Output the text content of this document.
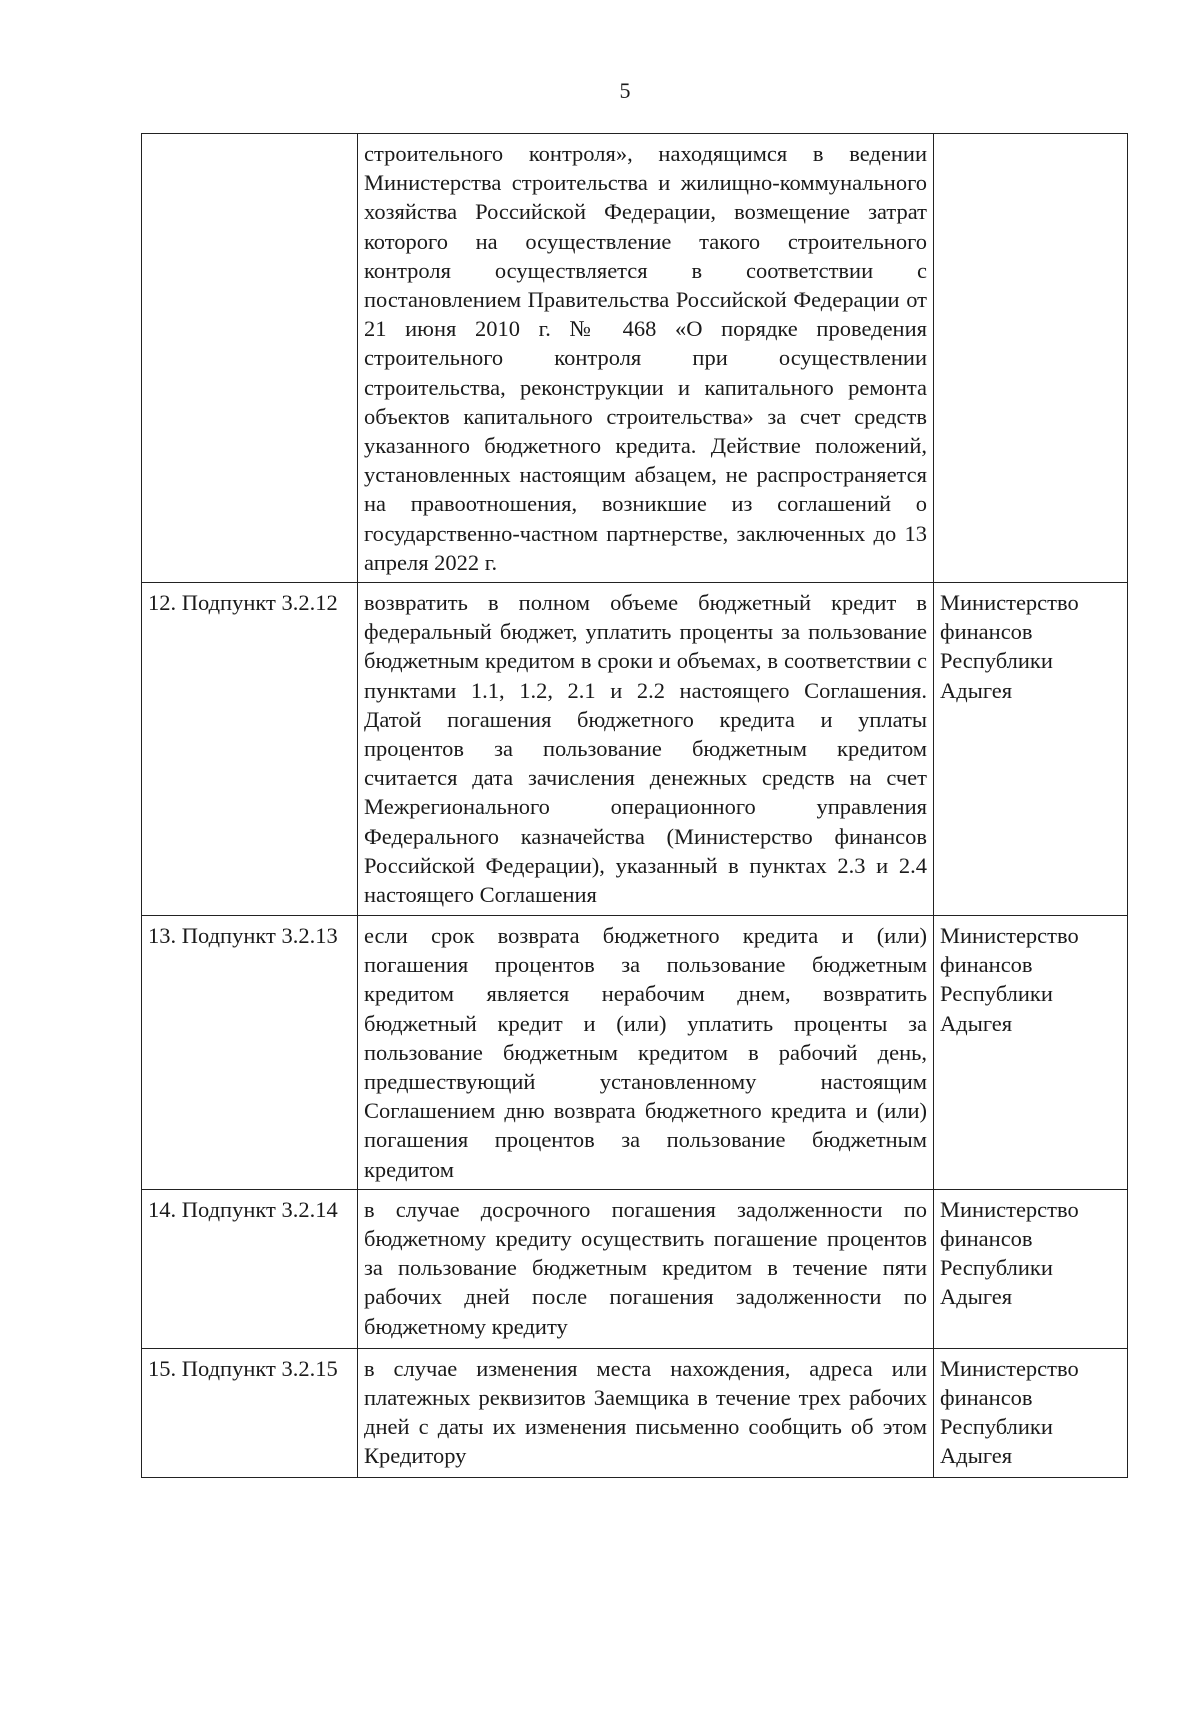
5
	строительного контроля», находящимся в ведении Министерства строительства и жилищно-коммунального хозяйства Российской Федерации, возмещение затрат которого на осуществление такого строительного контроля осуществляется в соответствии с постановлением Правительства Российской Федерации от 21 июня 2010 г. № 468 «О порядке проведения строительного контроля при осуществлении строительства, реконструкции и капитального ремонта объектов капитального строительства» за счет средств указанного бюджетного кредита. Действие положений, установленных настоящим абзацем, не распространяется на правоотношения, возникшие из соглашений о государственно-частном партнерстве, заключенных до 13 апреля 2022 г.	
12. Подпункт 3.2.12	возвратить в полном объеме бюджетный кредит в федеральный бюджет, уплатить проценты за пользование бюджетным кредитом в сроки и объемах, в соответствии с пунктами 1.1, 1.2, 2.1 и 2.2 настоящего Соглашения. Датой погашения бюджетного кредита и уплаты процентов за пользование бюджетным кредитом считается дата зачисления денежных средств на счет Межрегионального операционного управления Федерального казначейства (Министерство финансов Российской Федерации), указанный в пунктах 2.3 и 2.4 настоящего Соглашения	Министерство финансов Республики Адыгея
13. Подпункт 3.2.13	если срок возврата бюджетного кредита и (или) погашения процентов за пользование бюджетным кредитом является нерабочим днем, возвратить бюджетный кредит и (или) уплатить проценты за пользование бюджетным кредитом в рабочий день, предшествующий установленному настоящим Соглашением дню возврата бюджетного кредита и (или) погашения процентов за пользование бюджетным кредитом	Министерство финансов Республики Адыгея
14. Подпункт 3.2.14	в случае досрочного погашения задолженности по бюджетному кредиту осуществить погашение процентов за пользование бюджетным кредитом в течение пяти рабочих дней после погашения задолженности по бюджетному кредиту	Министерство финансов Республики Адыгея
15. Подпункт 3.2.15	в случае изменения места нахождения, адреса или платежных реквизитов Заемщика в течение трех рабочих дней с даты их изменения письменно сообщить об этом Кредитору	Министерство финансов Республики Адыгея
